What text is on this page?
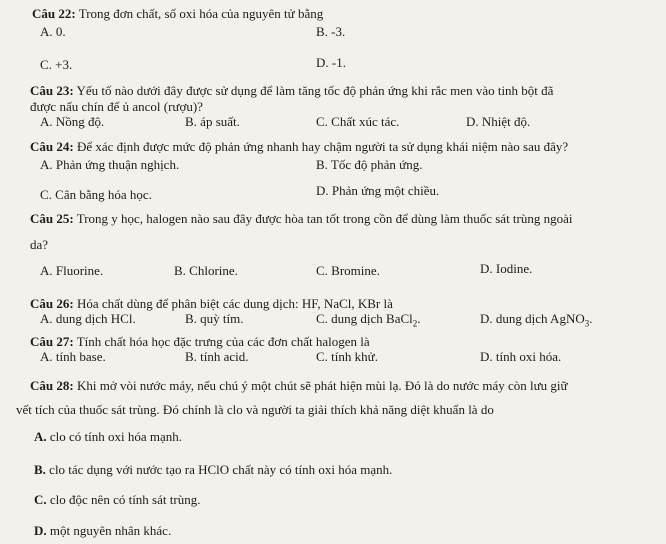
Câu 22: Trong đơn chất, số oxi hóa của nguyên tử bằng
A. 0.	B. -3.
C. +3.	D. -1.
Câu 23: Yếu tố nào dưới đây được sử dụng để làm tăng tốc độ phản ứng khi rắc men vào tinh bột đã
được nấu chín để ủ ancol (rượu)?
A. Nồng độ.	B. áp suất.	C. Chất xúc tác.	D. Nhiệt độ.
Câu 24: Để xác định được mức độ phản ứng nhanh hay chậm người ta sử dụng khái niệm nào sau đây?
A. Phản ứng thuận nghịch.	B. Tốc độ phản ứng.
C. Cân bằng hóa học.	D. Phản ứng một chiều.
Câu 25: Trong y học, halogen nào sau đây được hòa tan tốt trong cồn để dùng làm thuốc sát trùng ngoài
da?
A. Fluorine.	B. Chlorine.	C. Bromine.	D. Iodine.
Câu 26: Hóa chất dùng để phân biệt các dung dịch: HF, NaCl, KBr là
A. dung dịch HCl.	B. quỳ tím.	C. dung dịch BaCl$_2$.	D. dung dịch AgNO$_3$.
Câu 27: Tính chất hóa học đặc trưng của các đơn chất halogen là
A. tính base.	B. tính acid.	C. tính khử.	D. tính oxi hóa.
Câu 28: Khi mở vòi nước máy, nếu chú ý một chút sẽ phát hiện mùi lạ. Đó là do nước máy còn lưu giữ
vết tích của thuốc sát trùng. Đó chính là clo và người ta giải thích khả năng diệt khuẩn là do
A. clo có tính oxi hóa mạnh.
B. clo tác dụng với nước tạo ra HClO chất này có tính oxi hóa mạnh.
C. clo độc nên có tính sát trùng.
D. một nguyên nhân khác.
